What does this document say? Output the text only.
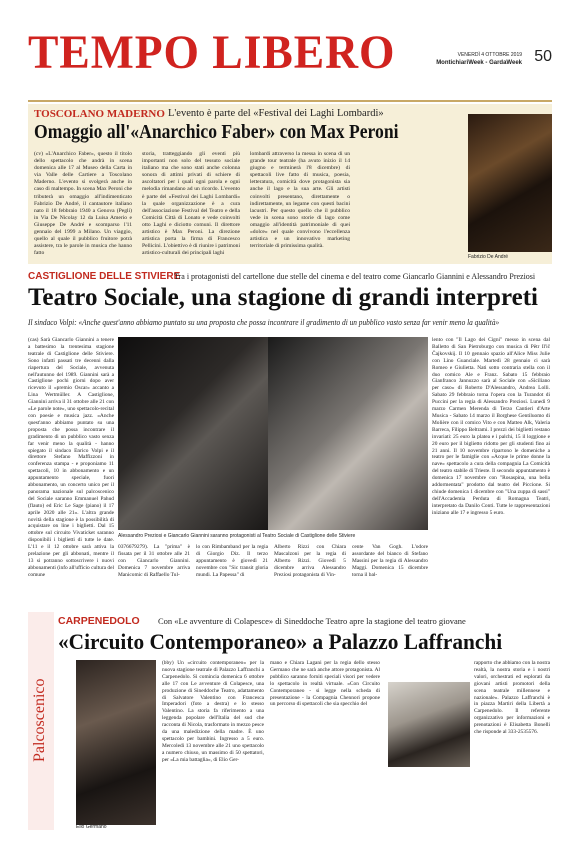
TEMPO LIBERO	VENERDÌ 4 OTTOBRE 2019
MontichiariWeek - GardaWeek 50
TOSCOLANO MADERNO L'evento è parte del «Festival dei Laghi Lombardi»
Omaggio all'«Anarchico Faber» con Max Peroni

(cv) «L'Anarchico Faber», questo il titolo dello spettacolo che andrà in scena domenica alle 17 al Museo della Carta in via Valle delle Cartiere a Toscolano Maderno. L'evento si svolgerà anche in caso di maltempo. In scena Max Peroni che tributerà un omaggio all'indimenticato Fabrizio De André, il cantautore italiano nato il 18 febbraio 1940 a Genova (Pegli) in Via De Nicolay 12 da Luisa Amerio e Giuseppe De André e scomparso l'11 gennaio del 1999 a Milano. Un viaggio, quello al quale il pubblico fruitore potrà assistere, tra le parole in musica che hanno fatto

storia, tratteggiando gli eventi più importanti non solo del tessuto sociale italiano ma che sono stati anche colonna sonora di attimi privati di schiere di ascoltatori per i quali ogni parola e ogni melodia rimandano ad un ricordo. L'evento è parte del «Festival dei Laghi Lombardi» la quale organizzazione è a cura dell'associazione Festival del Teatro e della Comicità Città di Lonato e vede coinvolti otto Laghi e diciotto comuni. Il direttore artistico è Max Peroni. La direzione artistica porta la firma di Francesco Pellicini. L'obiettivo è di riunire i patrimoni artistico-culturali dei principali laghi

lombardi attraverso la messa in scena di un grande tour teatrale (ha avuto inizio il 14 giugno e terminerà l'8 dicembre) di spettacoli live fatto di musica, poesia, letteratura, comicità dove protagonista sia anche il lago e la sua arte. Gli artisti coinvolti presentano, direttamente o indirettamente, un legame con questi bacini lacustri. Per questo quello che il pubblico vede in scena sono storie di lago come omaggio all'identità patrimoniale di quei «dolce» nel quale convivono l'eccellenza artistica e un innovativo marketing territoriale di primissima qualità.

Fabrizio De André
CASTIGLIONE DELLE STIVIERE
Tra i protagonisti del cartellone due stelle del cinema e del teatro come Giancarlo Giannini e Alessandro Preziosi
Teatro Sociale, una stagione di grandi interpreti
Il sindaco Volpi: «Anche quest'anno abbiamo puntato su una proposta che possa incontrare il gradimento di un pubblico vasto senza far venir meno la qualità»

(cas) Sarà Giancarlo Giannini a tenere a battesimo la trentesima stagione teatrale di Castiglione delle Stiviere. Sono infatti passati tre decenni dalla riapertura del Sociale, avvenuta nell'autunno del 1989. Giannini sarà a Castiglione pochi giorni dopo aver ricevuto il «premio Oscar» accanto a Lina Wertmüller. A Castiglione, Giannini arriva il 31 ottobre alle 21 con «Le parole note», uno spettacolo-recital con poesie e musica jazz. «Anche quest'anno abbiamo puntato su una proposta che possa incontrare il gradimento di un pubblico vasto senza far venir meno la qualità - hanno spiegato il sindaco Enrico Volpi e il direttore Stefano Maffizzoni in conferenza stampa - e proponiamo 11 spettacoli, 10 in abbonamento e un appuntamento speciale, fuori abbonamento, un concerto unico per il panorama nazionale sul palcoscenico del Sociale saranno Emmanuel Pahud (flauto) ed Eric Le Sage (piano) il 17 aprile 2020 alle 21». L'altra grande novità della stagione è la possibilità di acquistare on line i biglietti. Dal 15 ottobre sul circuito Vivaticket saranno disponibili i biglietti di tutte le date. L'11 e il 12 ottobre sarà attiva la prelazione per gli abbonati, mentre il 13 si potranno sottoscrivere i nuovi abbonamenti (info all'ufficio cultura del comune

Alessandro Preziosi e Giancarlo Giannini saranno protagonisti al Teatro Sociale di Castiglione delle Stiviere

lento con "Il Lago dei Cigni" messo in scena dal Balletto di San Pietroburgo con musica di Pëtr Il'ič Čajkovskij. Il 10 gennaio spazio all'Alice Miss Julie con Lino Guanciale. Martedì 28 gennaio ci sarà Romeo e Giulietta. Nati sotto contraria stella con il duo comico Ale e Franz. Sabato 15 febbraio Gianfranco Jannuzzo sarà al Sociale con «Siciliano per caso» di Roberto D'Alessandro, Andrea Lolli. Sabato 29 febbraio torna l'opera con la Turandot di Puccini per la regia di Alessandro Preziosi. Lunedì 9 marzo Carmen Merenda di Terzo Cantieri d'Arte Musica - Sabato 14 marzo il Borghese Gentiluomo di Molière con il comico Vito e con Matteo Alk, Valeria Barreca, Filippo Beltrami. I prezzi dei biglietti restano invariati: 25 euro la platea e i palchi, 15 il loggione e 20 euro per il biglietto ridotto per gli studenti fino ai 21 anni. Il 10 novembre ripartono le domeniche a teatro per le famiglie con «Acque le prime donne la nave» spettacolo a cura della compagnia La Comicità del teatro stabile di Trieste. Il secondo appuntamento è domenica 17 novembre con "Rosaspina, una bella addormentata" prodotto dal teatro del Piccione. Si chiude domenica 1 dicembre con "Una zuppa di sassi" dell'Accademia Perduta di Romagna Teatri, interpretato da Danilo Conti. Tutte le rappresentazioni iniziano alle 17 e ingresso 5 euro.

0376679279). La "prima" è fissata per il 31 ottobre alle 21 con Giancarlo Giannini. Domenica 7 novembre arriva Manicomic di Raffaello Tul-

lo con Rimbamband per la regia di Giorgio Diz. Il terzo appuntamento è giovedì 21 novembre con "Sic transit gloria mundi. La Papessa" di

Alberto Rizzi con Chiara Mascalzoni per la regia di Alberto Rizzi. Giovedì 5 dicembre arriva Alessandro Preziosi protagonista di Vin-

cente Van Gogh. L'odore assordante del bianco di Stefano Massini per la regia di Alessandro Maggi. Domenica 15 dicembre torna il bal-

Palcoscenico
CARPENEDOLO Con «Le avventure di Colapesce» di Sineddoche Teatro apre la stagione del teatro giovane
«Circuito Contemporaneo» a Palazzo Laffranchi
Elio Germano

(bby) Un «circuito contemporaneo» per la nuova stagione teatrale di Palazzo Laffranchi a Carpenedolo. Si comincia domenica 6 ottobre alle 17 con Le avventure di Colapesce, una produzione di Sineddoche Teatro, adattamento di Salvatore Valentino con Francesca Imperadori (foto a destra) e lo stesso Valentino. La storia fa riferimento a una leggenda popolare dell'Italia del sud che racconta di Nicola, trasformato in mezzo pesce da una maledizione della madre. È uno spettacolo per bambini. Ingresso a 5 euro. Mercoledì 13 novembre alle 21 uno spettacolo a numero chiuso, un massimo di 50 spettatori, per «La mia battaglia», di Elio Ger-

mano e Chiara Lagani per la regia dello stesso Germano che ne sarà anche attore protagonista. Al pubblico saranno forniti speciali visori per vedere lo spettacolo in realtà virtuale. «Con Circuito Contemporaneo - si legge nella scheda di presentazione - la Compagnia Chennori propone un percorso di spettacoli che sia specchio del

rapporto che abbiamo con la nostra realtà, la nostra storia e i nostri valori, orchestrati ed esplorati da giovani artisti promotori della scena teatrale millennese e nazionale». Palazzo Laffranchi è in piazza Martiri della Libertà a Carpenedolo. Il referente organizzativo per informazioni e prenotazioni è Elisabetta Bonelli che risponde al 333-2535576.
